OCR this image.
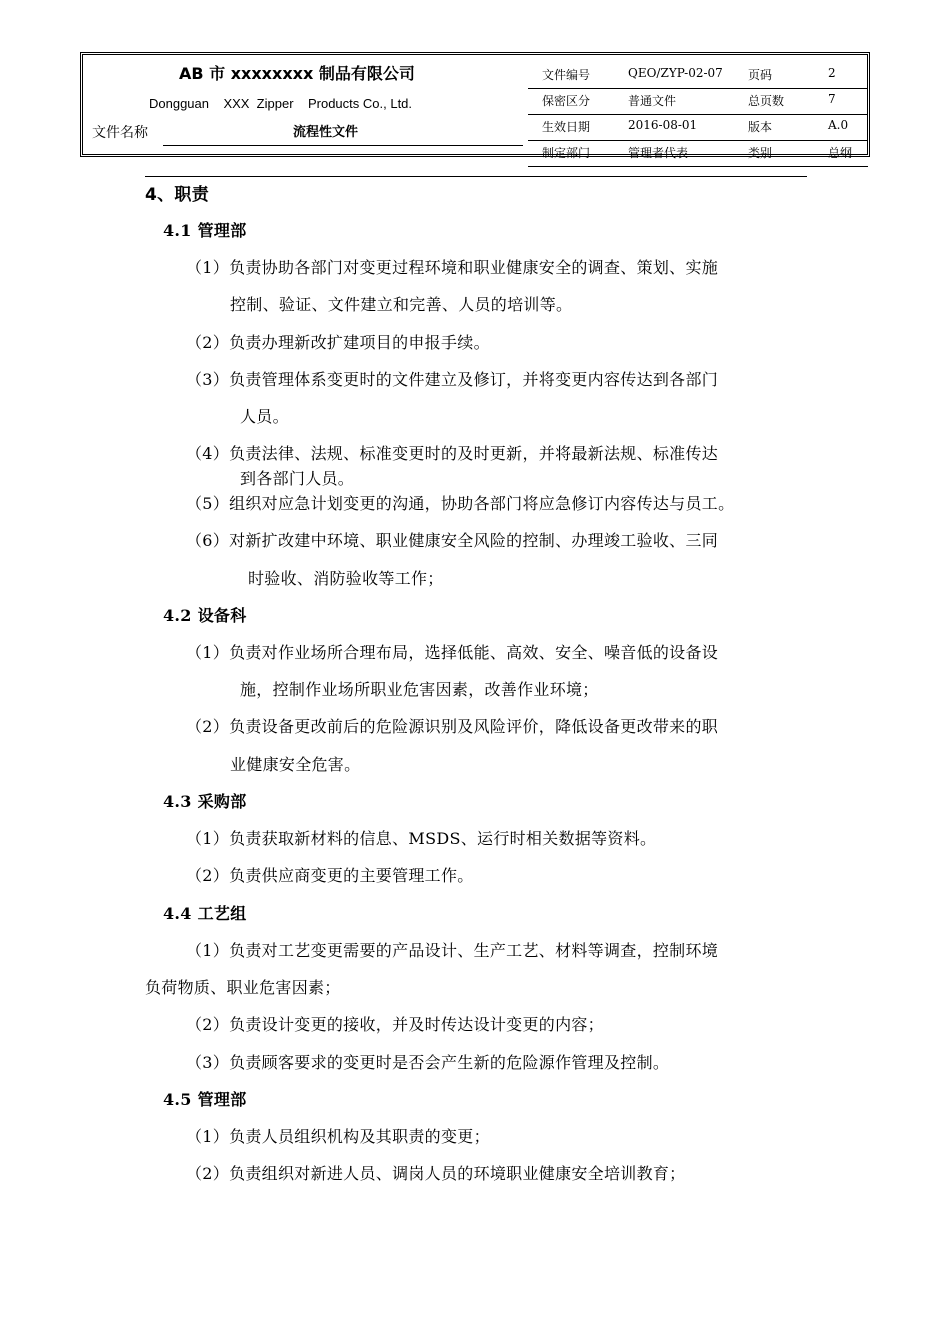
AB 市 xxxxxxxx 制品有限公司
Dongguan    XXX  Zipper    Products Co., Ltd.
文件名称	流程性文件
文件编号	QEO/ZYP-02-07 页码	2
保密区分	普通文件	总页数	7
生效日期	2016-08-01	版本	A.0
制定部门	管理者代表	类别	总纲
4、职责
4.1 管理部
（1）负责协助各部门对变更过程环境和职业健康安全的调查、策划、实施
控制、验证、文件建立和完善、人员的培训等。
（2）负责办理新改扩建项目的申报手续。
（3）负责管理体系变更时的文件建立及修订，并将变更内容传达到各部门
人员。
（4）负责法律、法规、标准变更时的及时更新，并将最新法规、标准传达
到各部门人员。
（5）组织对应急计划变更的沟通，协助各部门将应急修订内容传达与员工。
（6）对新扩改建中环境、职业健康安全风险的控制、办理竣工验收、三同
时验收、消防验收等工作；
4.2 设备科
（1）负责对作业场所合理布局，选择低能、高效、安全、噪音低的设备设
施，控制作业场所职业危害因素，改善作业环境；
（2）负责设备更改前后的危险源识别及风险评价，降低设备更改带来的职
业健康安全危害。
4.3 采购部
（1）负责获取新材料的信息、MSDS、运行时相关数据等资料。
（2）负责供应商变更的主要管理工作。
4.4 工艺组
（1）负责对工艺变更需要的产品设计、生产工艺、材料等调查，控制环境
负荷物质、职业危害因素；
（2）负责设计变更的接收，并及时传达设计变更的内容；
（3）负责顾客要求的变更时是否会产生新的危险源作管理及控制。
4.5 管理部
（1）负责人员组织机构及其职责的变更；
（2）负责组织对新进人员、调岗人员的环境职业健康安全培训教育；
